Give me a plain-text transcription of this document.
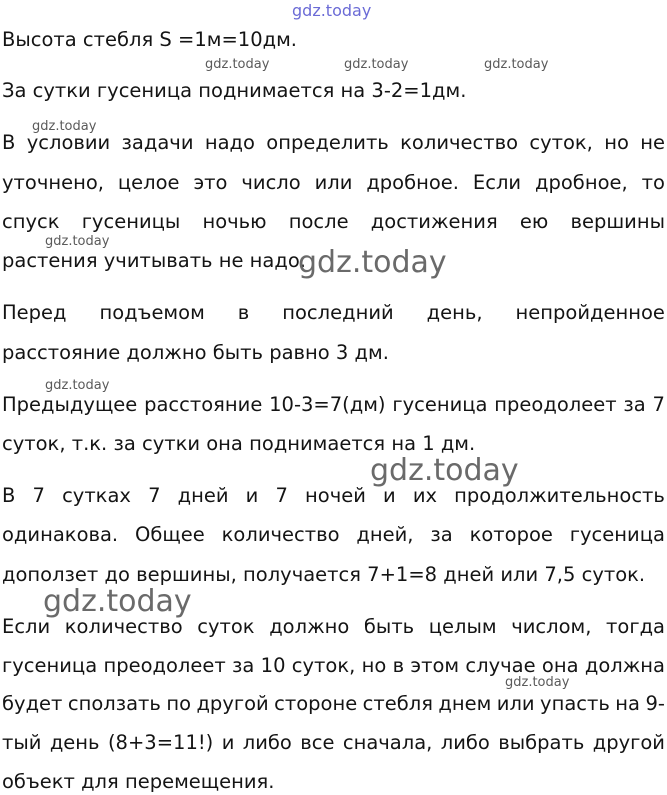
Высота стебля S =1м=10дм.
За сутки гусеница поднимается на 3-2=1дм.
В условии задачи надо определить количество суток, но не
уточнено, целое это число или дробное. Если дробное, то
спуск гусеницы ночью после достижения ею вершины
растения учитывать не надо.
Перед подъемом в последний день, непройденное
расстояние должно быть равно 3 дм.
Предыдущее расстояние 10-3=7(дм) гусеница преодолеет за 7
суток, т.к. за сутки она поднимается на 1 дм.
В 7 сутках 7 дней и 7 ночей и их продолжительность
одинакова. Общее количество дней, за которое гусеница
доползет до вершины, получается 7+1=8 дней или 7,5 суток.
Если количество суток должно быть целым числом, тогда
гусеница преодолеет за 10 суток, но в этом случае она должна
будет сползать по другой стороне стебля днем или упасть на 9-
тый день (8+3=11!) и либо все сначала, либо выбрать другой
объект для перемещения.
gdz.today
gdz.today	gdz.today	gdz.today
gdz.today
gdz.today
gdz.today
gdz.today
gdz.today
gdz.today
gdz.today
